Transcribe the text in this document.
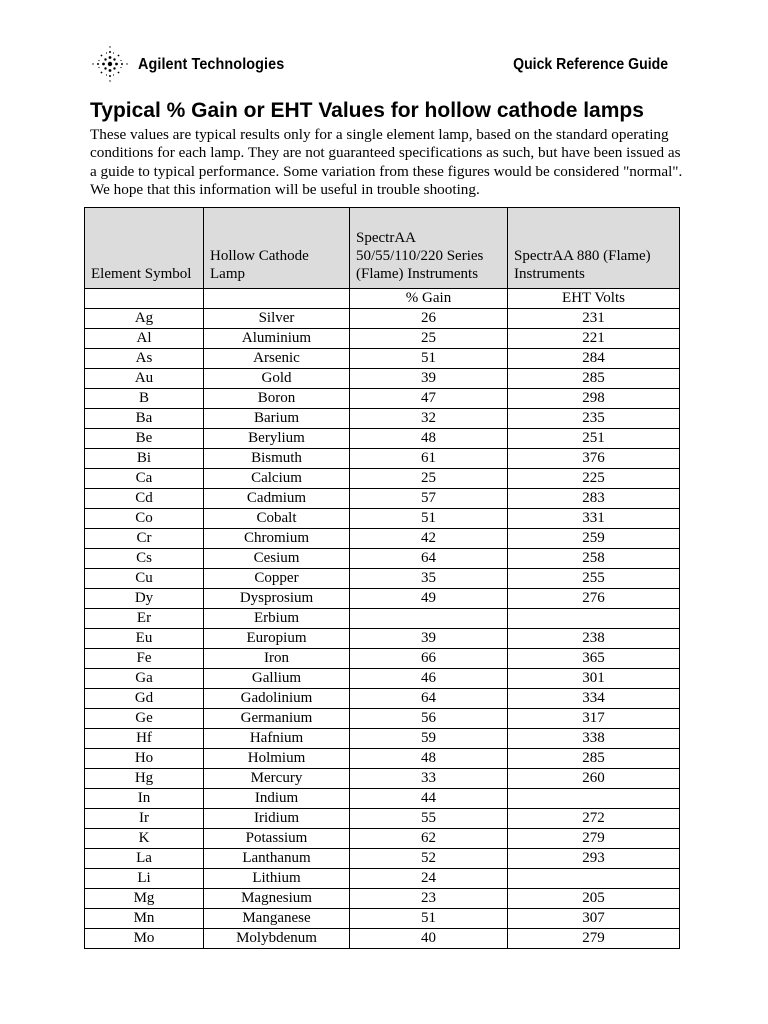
Agilent Technologies	Quick Reference Guide
Typical % Gain or EHT Values for hollow cathode lamps
These values are typical results only for a single element lamp, based on the standard operating conditions for each lamp. They are not guaranteed specifications as such, but have been issued as a guide to typical performance. Some variation from these figures would be considered "normal". We hope that this information will be useful in trouble shooting.
Element Symbol	Hollow Cathode Lamp	SpectrAA 50/55/110/220 Series (Flame) Instruments	SpectrAA 880 (Flame) Instruments
		% Gain	EHT Volts
Ag	Silver	26	231
Al	Aluminium	25	221
As	Arsenic	51	284
Au	Gold	39	285
B	Boron	47	298
Ba	Barium	32	235
Be	Berylium	48	251
Bi	Bismuth	61	376
Ca	Calcium	25	225
Cd	Cadmium	57	283
Co	Cobalt	51	331
Cr	Chromium	42	259
Cs	Cesium	64	258
Cu	Copper	35	255
Dy	Dysprosium	49	276
Er	Erbium		
Eu	Europium	39	238
Fe	Iron	66	365
Ga	Gallium	46	301
Gd	Gadolinium	64	334
Ge	Germanium	56	317
Hf	Hafnium	59	338
Ho	Holmium	48	285
Hg	Mercury	33	260
In	Indium	44	
Ir	Iridium	55	272
K	Potassium	62	279
La	Lanthanum	52	293
Li	Lithium	24	
Mg	Magnesium	23	205
Mn	Manganese	51	307
Mo	Molybdenum	40	279
